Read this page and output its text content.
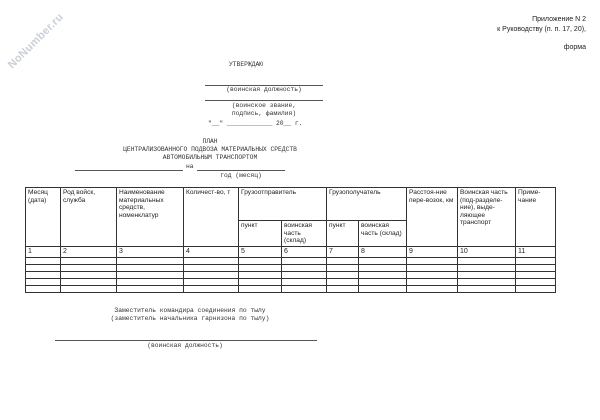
NoNumber.ru	Приложение N 2
к Руководству (п. п. 17, 20),
форма
УТВЕРЖДАЮ
(воинская должность)
(воинское звание,
подпись, фамилия)
"__" ____________ 20__ г.
ПЛАН
ЦЕНТРАЛИЗОВАННОГО ПОДВОЗА МАТЕРИАЛЬНЫХ СРЕДСТВ
АВТОМОБИЛЬНЫМ ТРАНСПОРТОМ
на
год (месяц)
Месяц (дата)	Род войск, служба	Наименование материальных средств, номенклатур	Количест-во, т	Грузоотправитель		Грузополучатель		Расстоя-ние пере-возок, км	Воинская часть (под-разделе-ние), выде-ляющее транспорт	Приме-чание
				пункт	воинская часть (склад)	пункт	воинская часть (склад)			
1	2	3	4	5	6	7	8	9	10	11

Заместитель командира соединения по тылу
(заместитель начальника гарнизона по тылу)
(воинская должность)
